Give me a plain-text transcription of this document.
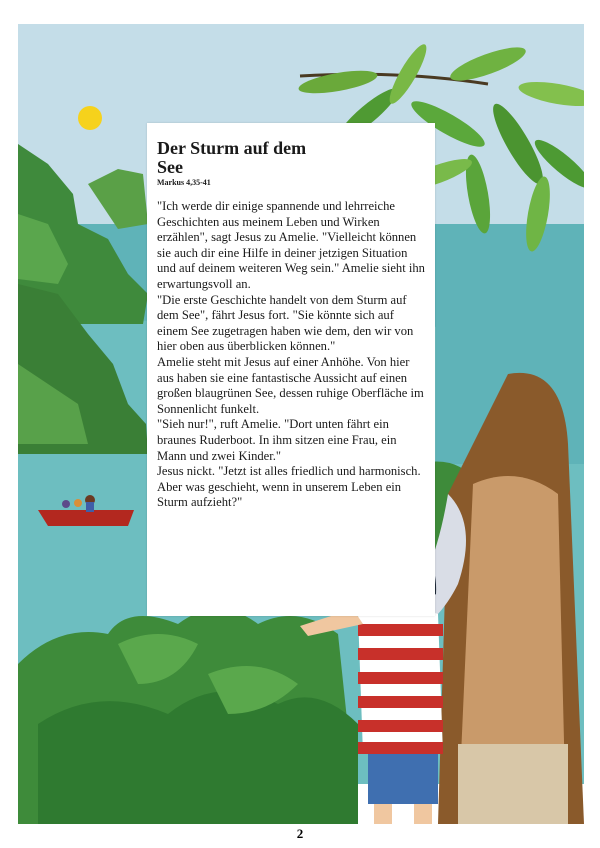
Der Sturm auf dem See
Markus 4,35-41

"Ich werde dir einige spannende und lehrreiche Geschichten aus meinem Leben und Wirken erzählen", sagt Jesus zu Amelie. "Vielleicht können sie auch dir eine Hilfe in deiner jetzigen Situation und auf deinem weiteren Weg sein." Amelie sieht ihn erwartungsvoll an.

"Die erste Geschichte handelt von dem Sturm auf dem See", fährt Jesus fort. "Sie könnte sich auf einem See zugetragen haben wie dem, den wir von hier oben aus überblicken können."

Amelie steht mit Jesus auf einer Anhöhe. Von hier aus haben sie eine fantastische Aussicht auf einen großen blaugrünen See, dessen ruhige Oberfläche im Sonnenlicht funkelt.

"Sieh nur!", ruft Amelie. "Dort unten fährt ein braunes Ruderboot. In ihm sitzen eine Frau, ein Mann und zwei Kinder."

Jesus nickt. "Jetzt ist alles friedlich und harmonisch. Aber was geschieht, wenn in unserem Leben ein Sturm aufzieht?"

2
